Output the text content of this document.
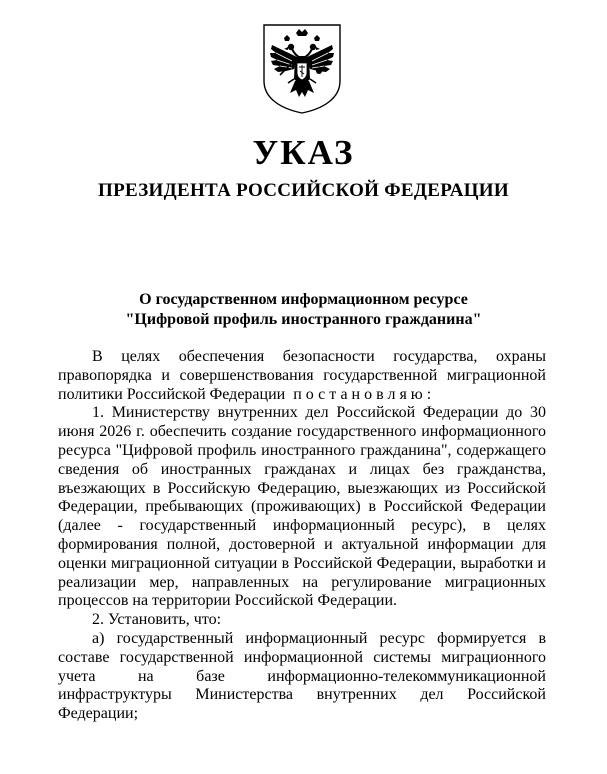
УКАЗ
ПРЕЗИДЕНТА РОССИЙСКОЙ ФЕДЕРАЦИИ
О государственном информационном ресурсе
"Цифровой профиль иностранного гражданина"

В целях обеспечения безопасности государства, охраны правопорядка и совершенствования государственной миграционной политики Российской Федерации постановляю:

1. Министерству внутренних дел Российской Федерации до 30 июня 2026 г. обеспечить создание государственного информационного ресурса "Цифровой профиль иностранного гражданина", содержащего сведения об иностранных гражданах и лицах без гражданства, въезжающих в Российскую Федерацию, выезжающих из Российской Федерации, пребывающих (проживающих) в Российской Федерации (далее - государственный информационный ресурс), в целях формирования полной, достоверной и актуальной информации для оценки миграционной ситуации в Российской Федерации, выработки и реализации мер, направленных на регулирование миграционных процессов на территории Российской Федерации.

2. Установить, что:

а) государственный информационный ресурс формируется в составе государственной информационной системы миграционного учета на базе информационно-телекоммуникационной инфраструктуры Министерства внутренних дел Российской Федерации;
